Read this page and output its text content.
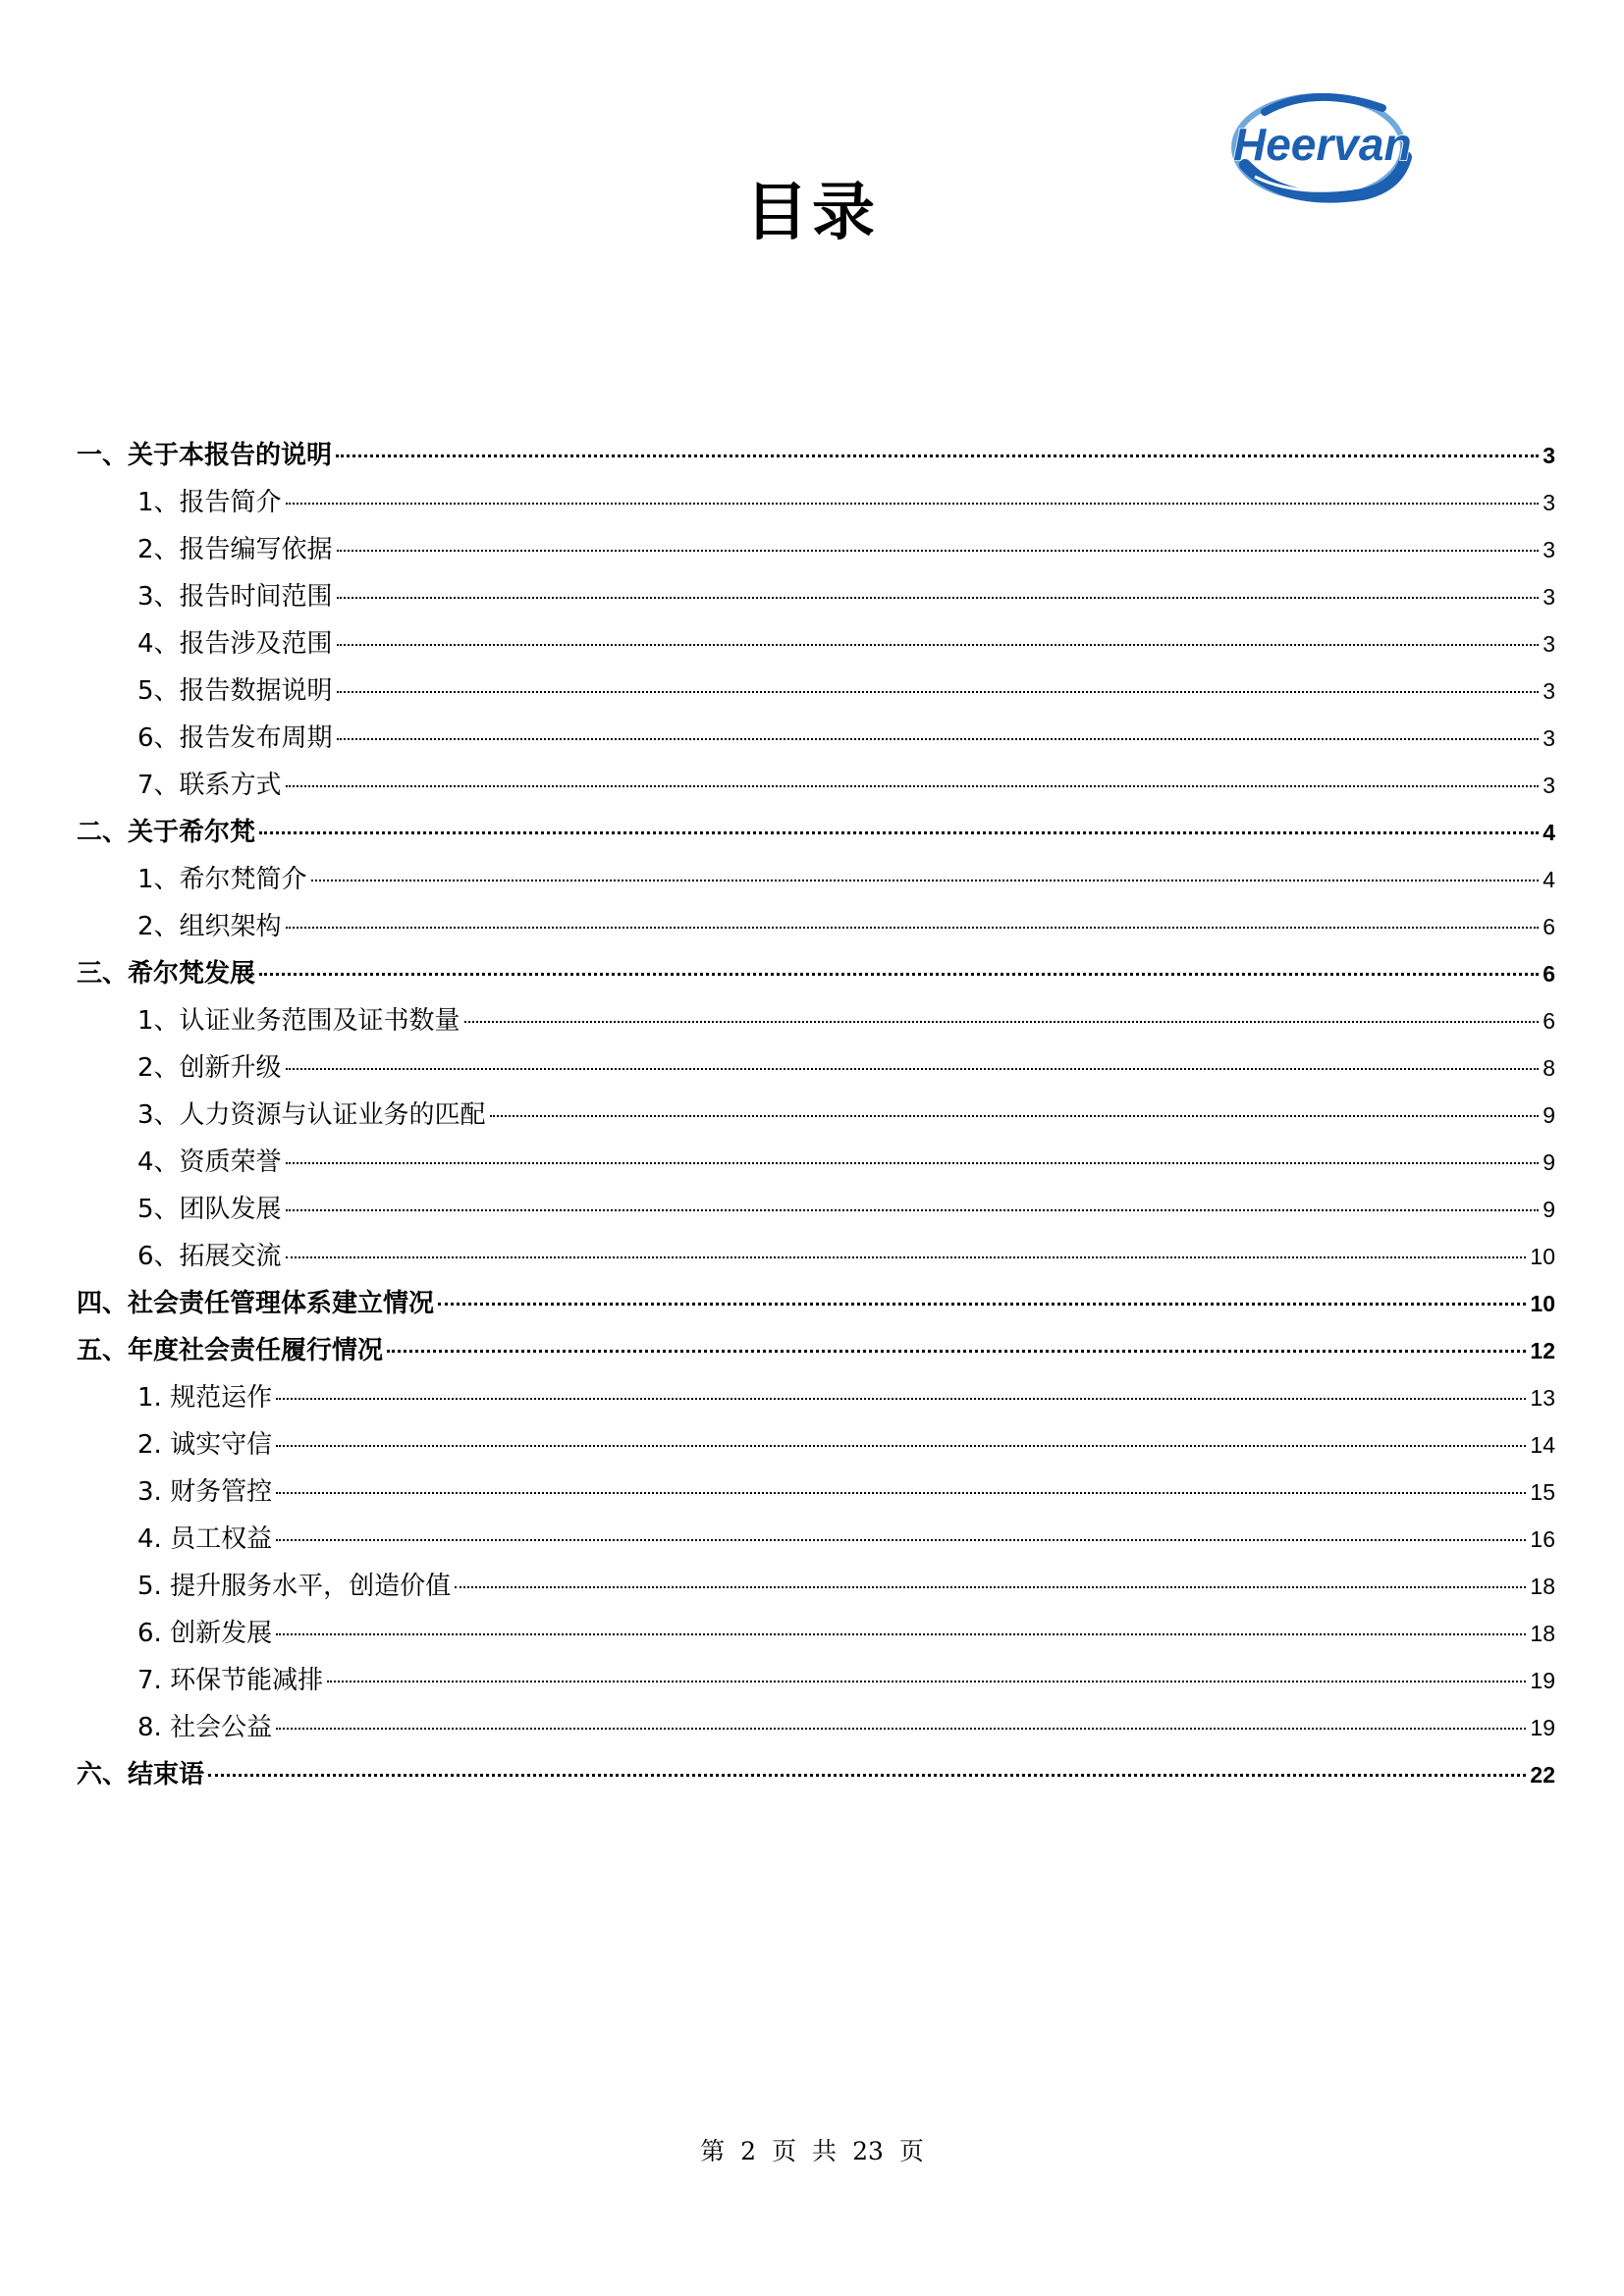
Heervan
目录
一、关于本报告的说明	3
1、报告简介	3
2、报告编写依据	3
3、报告时间范围	3
4、报告涉及范围	3
5、报告数据说明	3
6、报告发布周期	3
7、联系方式	3
二、关于希尔梵	4
1、希尔梵简介	4
2、组织架构	6
三、希尔梵发展	6
1、认证业务范围及证书数量	6
2、创新升级	8
3、人力资源与认证业务的匹配	9
4、资质荣誉	9
5、团队发展	9
6、拓展交流	10
四、社会责任管理体系建立情况	10
五、年度社会责任履行情况	12
1. 规范运作	13
2. 诚实守信	14
3. 财务管控	15
4. 员工权益	16
5. 提升服务水平，创造价值	18
6. 创新发展	18
7. 环保节能减排	19
8. 社会公益	19
六、结束语	22
第 2 页 共 23 页
